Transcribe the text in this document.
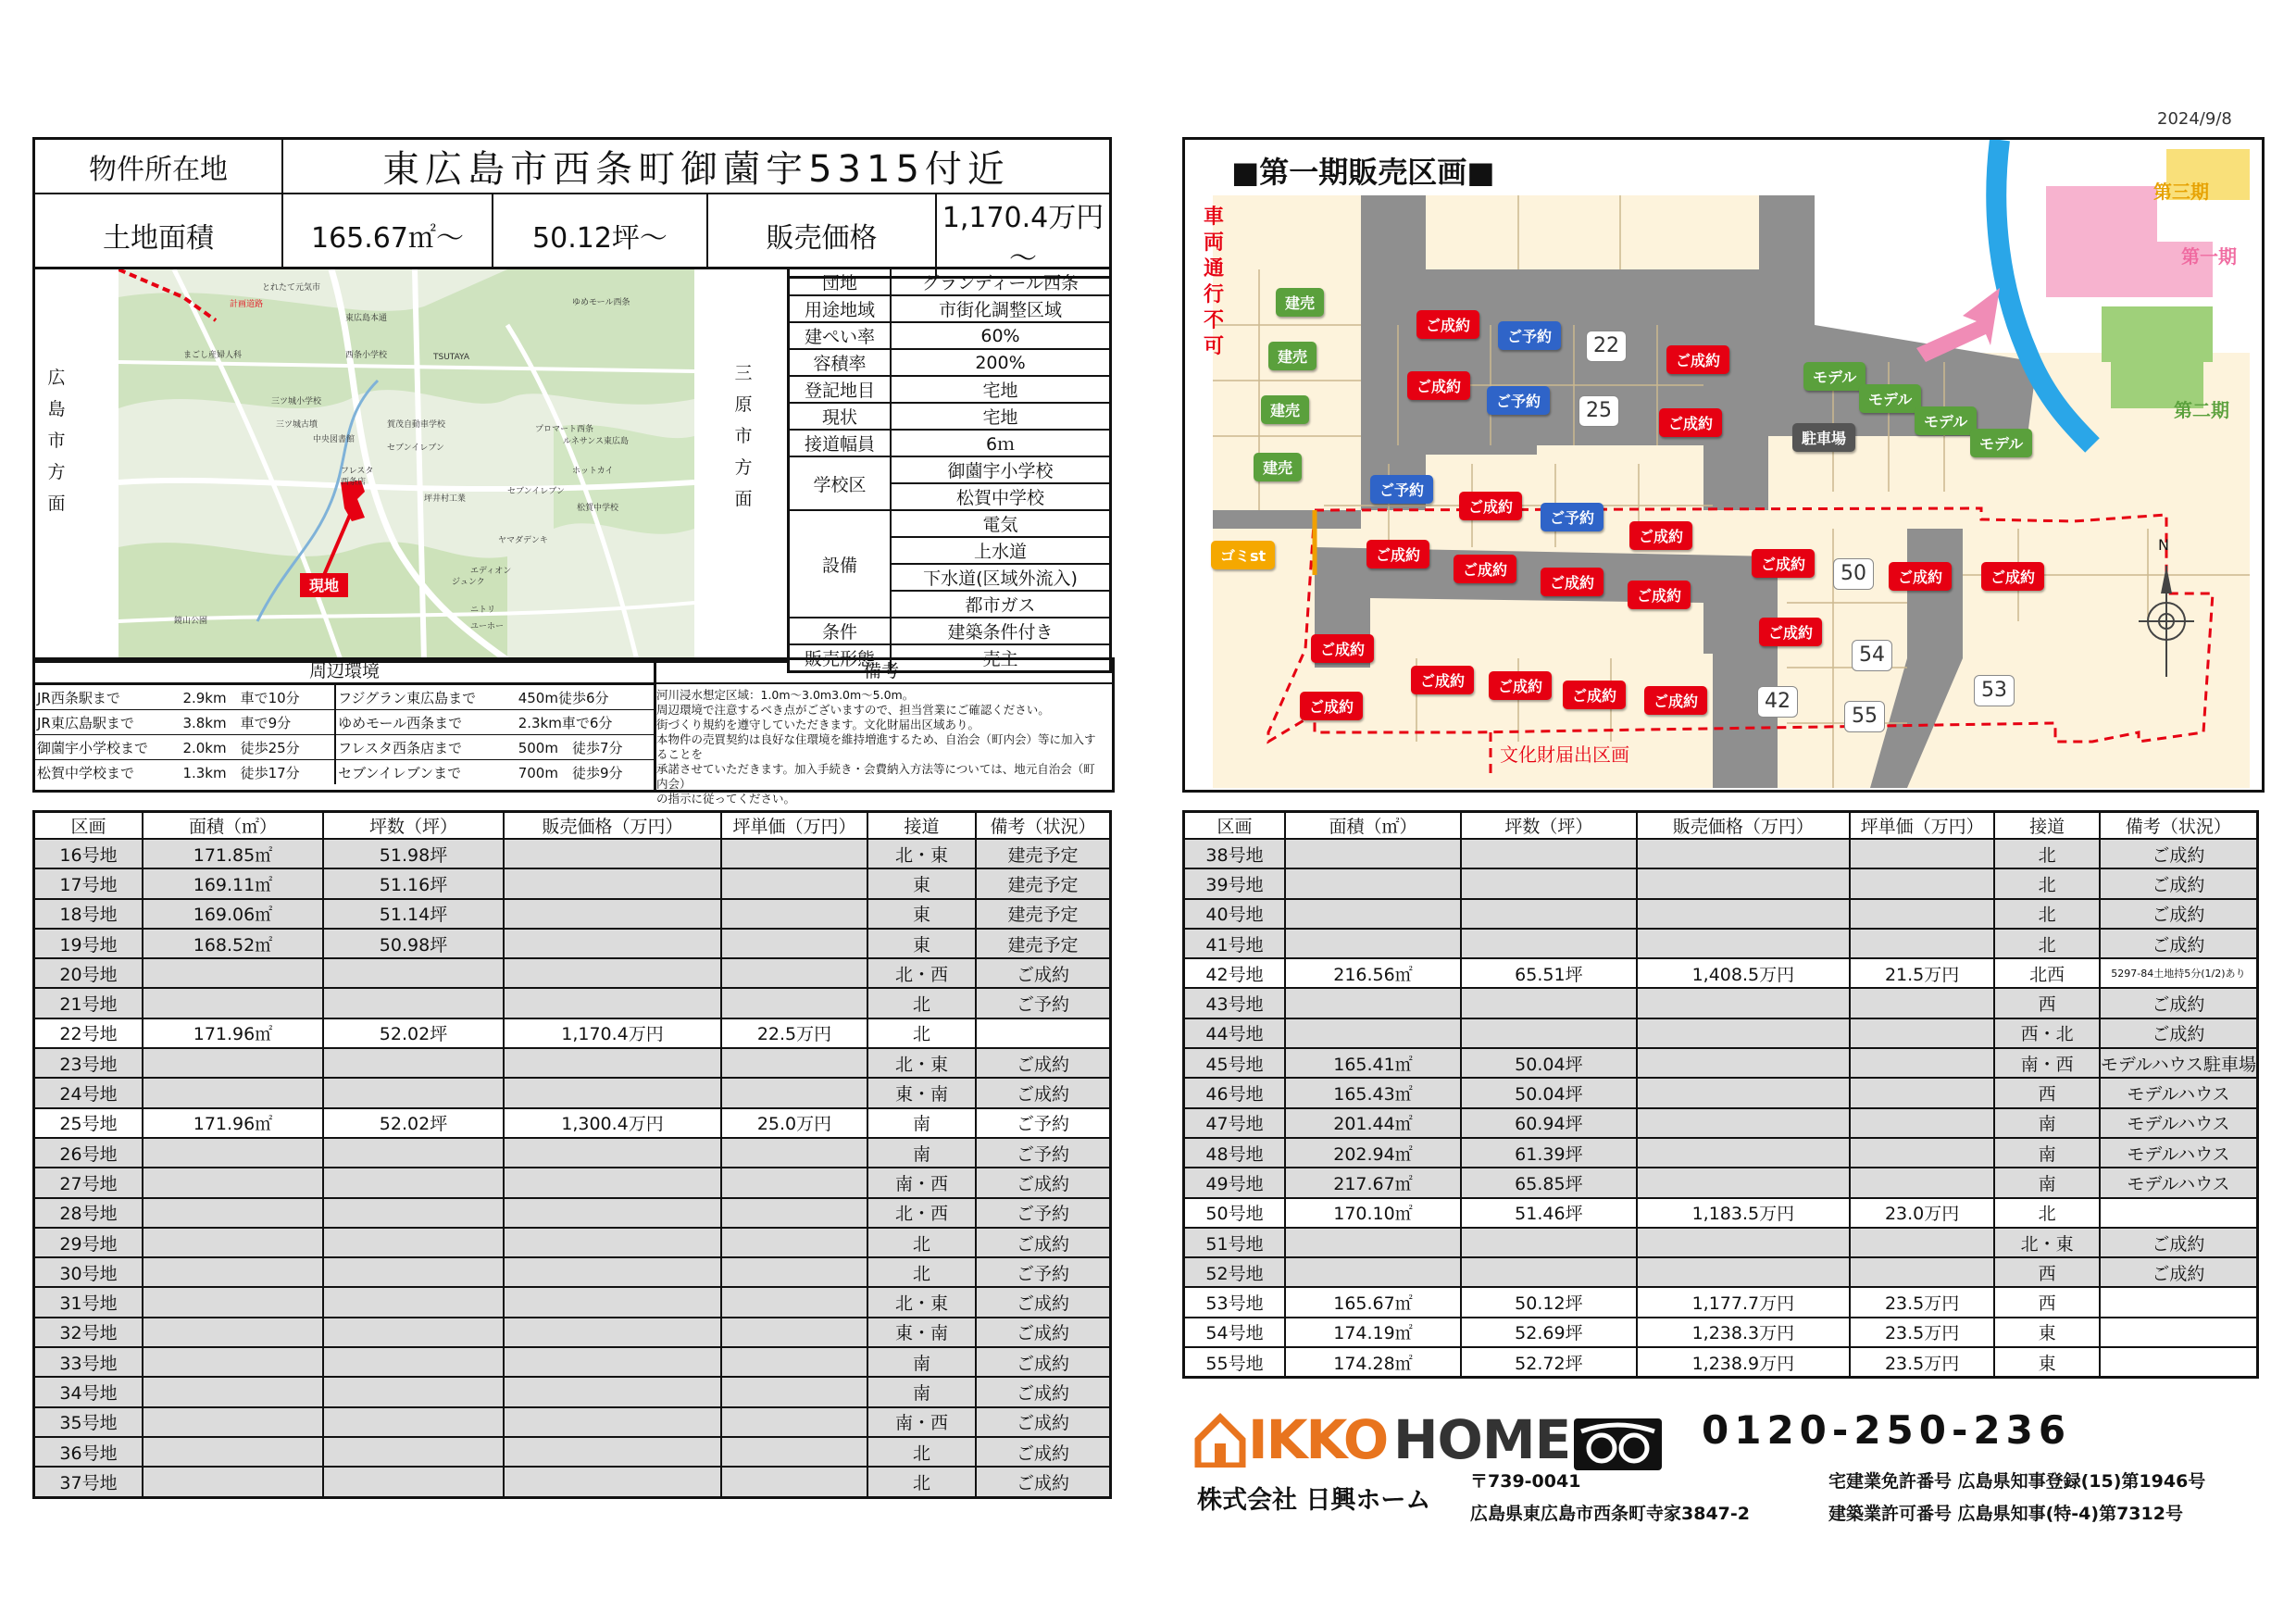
2024/9/8
物件所在地	東広島市西条町御薗宇5315付近			
土地面積	165.67㎡～	50.12坪～	販売価格	1,170.4万円～
広
島
市
方
面
三
原
市
方
面
現地
とれたて元気市
東広島本通
計画道路	ゆめモール西条
まごし産婦人科	西条小学校
三ツ城小学校
TSUTAYA
三ツ城古墳
中央図書館
プロマート西条
賀茂自動車学校
ルネサンス東広島
セブンイレブン
ホットカイ
フレスタ
西条店
坪井村工業
セブンイレブン
松賀中学校
ヤマダデンキ
エディオン
ジュンク
ニトリ
ユーホー
鏡山公園
団地	グランディール西条
用途地域	市街化調整区域
建ぺい率	60%
容積率	200%
登記地目	宅地
現状	宅地
接道幅員	6ｍ
学校区	御薗宇小学校
	松賀中学校
設備	電気
	上水道
	下水道(区域外流入)
	都市ガス
条件	建築条件付き
販売形態	売主
周辺環境
JR西条駅まで	2.9km　車で10分	フジグラン東広島まで	450m徒歩6分
JR東広島駅まで	3.8km　車で9分	ゆめモール西条まで	2.3km車で6分
御薗宇小学校まで	2.0km　徒歩25分	フレスタ西条店まで	500m　徒歩7分
松賀中学校まで	1.3km　徒歩17分	セブンイレブンまで	700m　徒歩9分
備考
河川浸水想定区域：1.0m～3.0m3.0m～5.0m。
周辺環境で注意するべき点がございますので、担当営業にご確認ください。
街づくり規約を遵守していただきます。文化財届出区域あり。
本物件の売買契約は良好な住環境を維持増進するため、自治会（町内会）等に加入することを
承諾させていただきます。加入手続き・会費納入方法等については、地元自治会（町内会）
の指示に従ってください。
区画	面積（㎡）	坪数（坪）	販売価格（万円）	坪単価（万円）	接道	備考（状況）
16号地	171.85㎡	51.98坪			北・東	建売予定
17号地	169.11㎡	51.16坪			東	建売予定
18号地	169.06㎡	51.14坪			東	建売予定
19号地	168.52㎡	50.98坪			東	建売予定
20号地					北・西	ご成約
21号地					北	ご予約
22号地	171.96㎡	52.02坪	1,170.4万円	22.5万円	北	
23号地					北・東	ご成約
24号地					東・南	ご成約
25号地	171.96㎡	52.02坪	1,300.4万円	25.0万円	南	ご予約
26号地					南	ご予約
27号地					南・西	ご成約
28号地					北・西	ご予約
29号地					北	ご成約
30号地					北	ご予約
31号地					北・東	ご成約
32号地					東・南	ご成約
33号地					南	ご成約
34号地					南	ご成約
35号地					南・西	ご成約
36号地					北	ご成約
37号地					北	ご成約
区画	面積（㎡）	坪数（坪）	販売価格（万円）	坪単価（万円）	接道	備考（状況）
38号地					北	ご成約
39号地					北	ご成約
40号地					北	ご成約
41号地					北	ご成約
42号地	216.56㎡	65.51坪	1,408.5万円	21.5万円	北西	5297-84土地持5分(1/2)あり
43号地					西	ご成約
44号地					西・北	ご成約
45号地	165.41㎡	50.04坪			南・西	モデルハウス駐車場
46号地	165.43㎡	50.04坪			西	モデルハウス
47号地	201.44㎡	60.94坪			南	モデルハウス
48号地	202.94㎡	61.39坪			南	モデルハウス
49号地	217.67㎡	65.85坪			南	モデルハウス
50号地	170.10㎡	51.46坪	1,183.5万円	23.0万円	北	
51号地					北・東	ご成約
52号地					西	ご成約
53号地	165.67㎡	50.12坪	1,177.7万円	23.5万円	西	
54号地	174.19㎡	52.69坪	1,238.3万円	23.5万円	東	
55号地	174.28㎡	52.72坪	1,238.9万円	23.5万円	東	
■第一期販売区画■
車
両
通
行
不
可
第三期
第一期
第二期
黒瀬川
N
ゴミst
文化財届出区画
建売
建売
建売
建売
ご成約
ご予約	22
ご成約
ご成約
ご予約	25
ご成約
モデル
モデル
モデル
モデル
駐車場
ご予約
ご成約
ご予約
ご成約
ご成約
ご成約
ご成約
ご成約
ご成約	50	ご成約	ご成約
ご成約
54
42
55
53
ご成約
ご成約	ご成約
ご成約	ご成約
ご成約
IKKO HOME	0120-250-236
株式会社 日興ホーム
〒739-0041
広島県東広島市西条町寺家3847-2
宅建業免許番号 広島県知事登録(15)第1946号
建築業許可番号 広島県知事(特-4)第7312号
